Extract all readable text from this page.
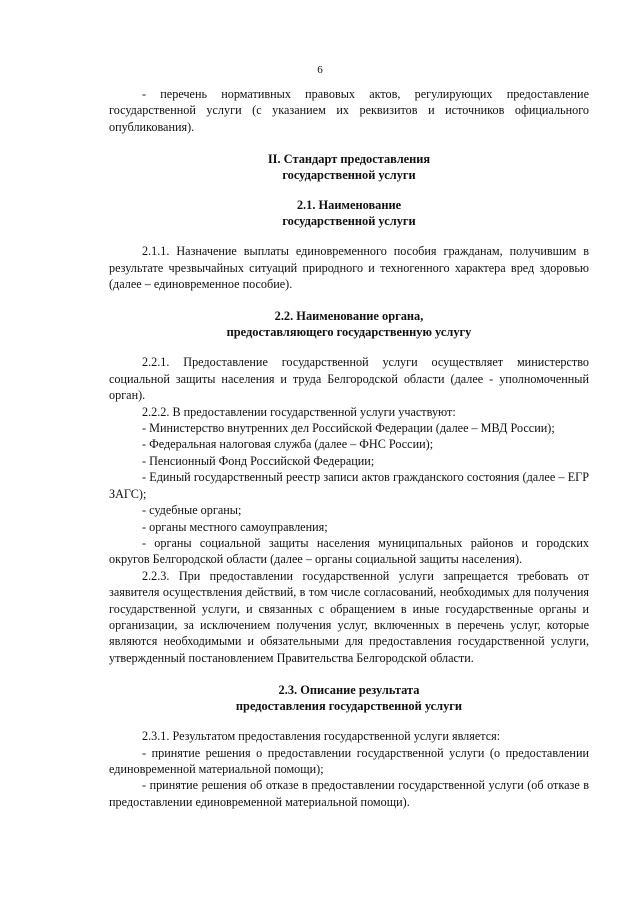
6

- перечень нормативных правовых актов, регулирующих предоставление государственной услуги (с указанием их реквизитов и источников официального опубликования).

II. Стандарт предоставления
государственной услуги
2.1. Наименование
государственной услуги

2.1.1. Назначение выплаты единовременного пособия гражданам, получившим в результате чрезвычайных ситуаций природного и техногенного характера вред здоровью (далее – единовременное пособие).

2.2. Наименование органа,
предоставляющего государственную услугу

2.2.1. Предоставление государственной услуги осуществляет министерство социальной защиты населения и труда Белгородской области (далее - уполномоченный орган).

2.2.2. В предоставлении государственной услуги участвуют:

- Министерство внутренних дел Российской Федерации (далее – МВД России);

- Федеральная налоговая служба (далее – ФНС России);

- Пенсионный Фонд Российской Федерации;

- Единый государственный реестр записи актов гражданского состояния (далее – ЕГР ЗАГС);

- судебные органы;

- органы местного самоуправления;

- органы социальной защиты населения муниципальных районов и городских округов Белгородской области (далее – органы социальной защиты населения).

2.2.3. При предоставлении государственной услуги запрещается требовать от заявителя осуществления действий, в том числе согласований, необходимых для получения государственной услуги, и связанных с обращением в иные государственные органы и организации, за исключением получения услуг, включенных в перечень услуг, которые являются необходимыми и обязательными для предоставления государственной услуги, утвержденный постановлением Правительства Белгородской области.

2.3. Описание результата
предоставления государственной услуги

2.3.1. Результатом предоставления государственной услуги является:

- принятие решения о предоставлении государственной услуги (о предоставлении единовременной материальной помощи);

- принятие решения об отказе в предоставлении государственной услуги (об отказе в предоставлении единовременной материальной помощи).
